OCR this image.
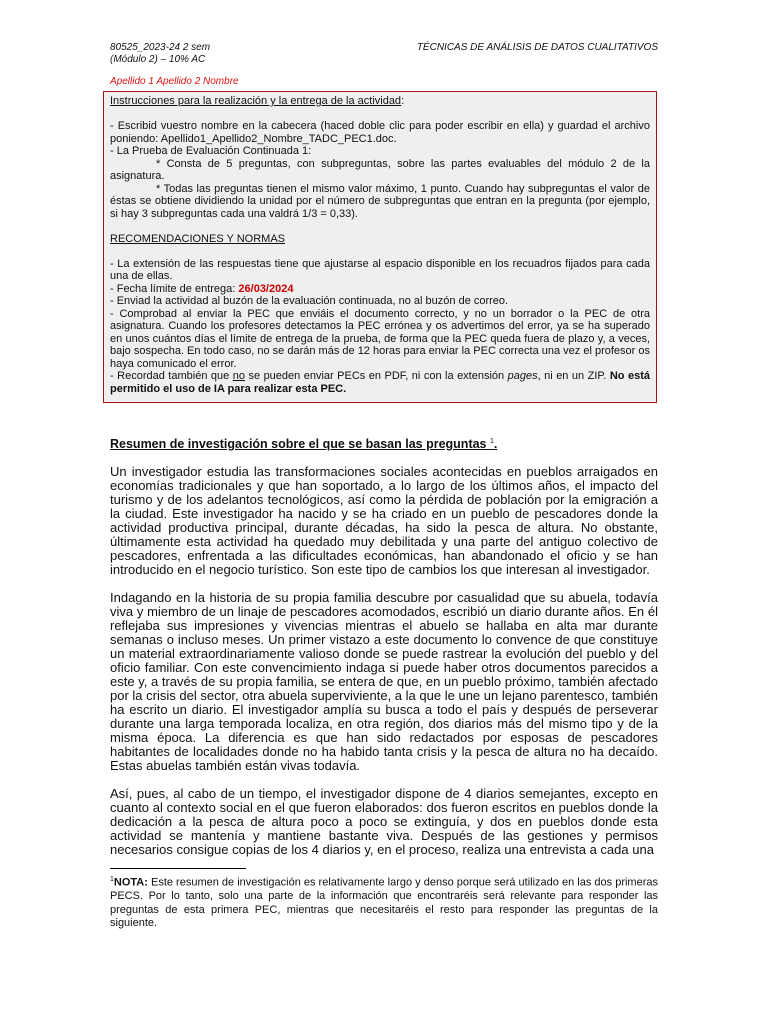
80525_2023-24 2 sem	TÉCNICAS DE ANÁLISIS DE DATOS CUALITATIVOS
(Módulo 2) – 10% AC
Apellido 1 Apellido 2 Nombre

Instrucciones para la realización y la entrega de la actividad:

- Escribid vuestro nombre en la cabecera (haced doble clic para poder escribir en ella) y guardad el archivo poniendo: Apellido1_Apellido2_Nombre_TADC_PEC1.doc.

- La Prueba de Evaluación Continuada 1:

* Consta de 5 preguntas, con subpreguntas, sobre las partes evaluables del módulo 2 de la asignatura.

* Todas las preguntas tienen el mismo valor máximo, 1 punto. Cuando hay subpreguntas el valor de éstas se obtiene dividiendo la unidad por el número de subpreguntas que entran en la pregunta (por ejemplo, si hay 3 subpreguntas cada una valdrá 1/3 = 0,33).

RECOMENDACIONES Y NORMAS

- La extensión de las respuestas tiene que ajustarse al espacio disponible en los recuadros fijados para cada una de ellas.

- Fecha límite de entrega: 26/03/2024

- Enviad la actividad al buzón de la evaluación continuada, no al buzón de correo.

- Comprobad al enviar la PEC que enviáis el documento correcto, y no un borrador o la PEC de otra asignatura. Cuando los profesores detectamos la PEC errónea y os advertimos del error, ya se ha superado en unos cuántos días el límite de entrega de la prueba, de forma que la PEC queda fuera de plazo y, a veces, bajo sospecha. En todo caso, no se darán más de 12 horas para enviar la PEC correcta una vez el profesor os haya comunicado el error.

- Recordad también que no se pueden enviar PECs en PDF, ni con la extensión pages, ni en un ZIP. No está permitido el uso de IA para realizar esta PEC.

Resumen de investigación sobre el que se basan las preguntas $^1$.

Un investigador estudia las transformaciones sociales acontecidas en pueblos arraigados en economías tradicionales y que han soportado, a lo largo de los últimos años, el impacto del turismo y de los adelantos tecnológicos, así como la pérdida de población por la emigración a la ciudad. Este investigador ha nacido y se ha criado en un pueblo de pescadores donde la actividad productiva principal, durante décadas, ha sido la pesca de altura. No obstante, últimamente esta actividad ha quedado muy debilitada y una parte del antiguo colectivo de pescadores, enfrentada a las dificultades económicas, han abandonado el oficio y se han introducido en el negocio turístico. Son este tipo de cambios los que interesan al investigador.

Indagando en la historia de su propia familia descubre por casualidad que su abuela, todavía viva y miembro de un linaje de pescadores acomodados, escribió un diario durante años. En él reflejaba sus impresiones y vivencias mientras el abuelo se hallaba en alta mar durante semanas o incluso meses. Un primer vistazo a este documento lo convence de que constituye un material extraordinariamente valioso donde se puede rastrear la evolución del pueblo y del oficio familiar. Con este convencimiento indaga si puede haber otros documentos parecidos a este y, a través de su propia familia, se entera de que, en un pueblo próximo, también afectado por la crisis del sector, otra abuela superviviente, a la que le une un lejano parentesco, también ha escrito un diario. El investigador amplía su busca a todo el país y después de perseverar durante una larga temporada localiza, en otra región, dos diarios más del mismo tipo y de la misma época. La diferencia es que han sido redactados por esposas de pescadores habitantes de localidades donde no ha habido tanta crisis y la pesca de altura no ha decaído. Estas abuelas también están vivas todavía.

Así, pues, al cabo de un tiempo, el investigador dispone de 4 diarios semejantes, excepto en cuanto al contexto social en el que fueron elaborados: dos fueron escritos en pueblos donde la dedicación a la pesca de altura poco a poco se extinguía, y dos en pueblos donde esta actividad se mantenía y mantiene bastante viva. Después de las gestiones y permisos necesarios consigue copias de los 4 diarios y, en el proceso, realiza una entrevista a cada una

$^1$NOTA: Este resumen de investigación es relativamente largo y denso porque será utilizado en las dos primeras PECS. Por lo tanto, solo una parte de la información que encontraréis será relevante para responder las preguntas de esta primera PEC, mientras que necesitaréis el resto para responder las preguntas de la siguiente.
